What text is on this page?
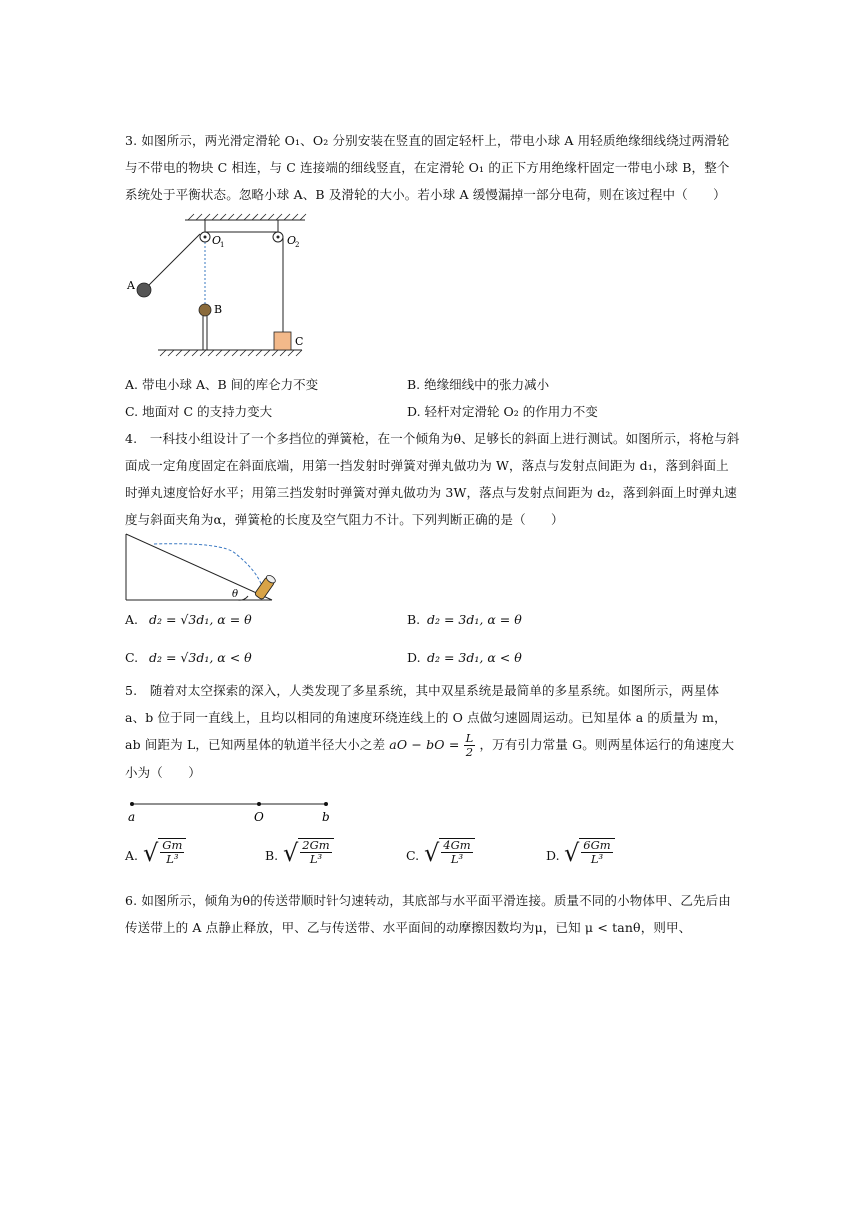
3. 如图所示，两光滑定滑轮 O₁、O₂ 分别安装在竖直的固定轻杆上，带电小球 A 用轻质绝缘细线绕过两滑轮与不带电的物块 C 相连，与 C 连接端的细线竖直，在定滑轮 O₁ 的正下方用绝缘杆固定一带电小球 B，整个系统处于平衡状态。忽略小球 A、B 及滑轮的大小。若小球 A 缓慢漏掉一部分电荷，则在该过程中（　　）

A
B
C
O
1	O
2
A. 带电小球 A、B 间的库仑力不变	B. 绝缘细线中的张力减小
C. 地面对 C 的支持力变大	D. 轻杆对定滑轮 O₂ 的作用力不变

4.　一科技小组设计了一个多挡位的弹簧枪，在一个倾角为θ、足够长的斜面上进行测试。如图所示，将枪与斜面成一定角度固定在斜面底端，用第一挡发射时弹簧对弹丸做功为 W，落点与发射点间距为 d₁，落到斜面上时弹丸速度恰好水平；用第三挡发射时弹簧对弹丸做功为 3W，落点与发射点间距为 d₂，落到斜面上时弹丸速度与斜面夹角为α，弹簧枪的长度及空气阻力不计。下列判断正确的是（　　）

θ
A. d₂ = √3d₁, α = θ	B. d₂ = 3d₁, α = θ
C. d₂ = √3d₁, α < θ	D. d₂ = 3d₁, α < θ

5.　随着对太空探索的深入，人类发现了多星系统，其中双星系统是最简单的多星系统。如图所示，两星体 a、b 位于同一直线上，且均以相同的角速度环绕连线上的 O 点做匀速圆周运动。已知星体 a 的质量为 m，ab 间距为 L，已知两星体的轨道半径大小之差 aO − bO = $\frac{L}{2}$ ，万有引力常量 G。则两星体运行的角速度大小为（　　）

a	O	b
A. √ $\frac{Gm}{\text{L³}}$	B. √ $\frac{2Gm}{\text{L³}}$	C. √ $\frac{4Gm}{\text{L³}}$	D. √ $\frac{6Gm}{\text{L³}}$

6. 如图所示，倾角为θ的传送带顺时针匀速转动，其底部与水平面平滑连接。质量不同的小物体甲、乙先后由传送带上的 A 点静止释放，甲、乙与传送带、水平面间的动摩擦因数均为μ，已知 μ < tanθ，则甲、
